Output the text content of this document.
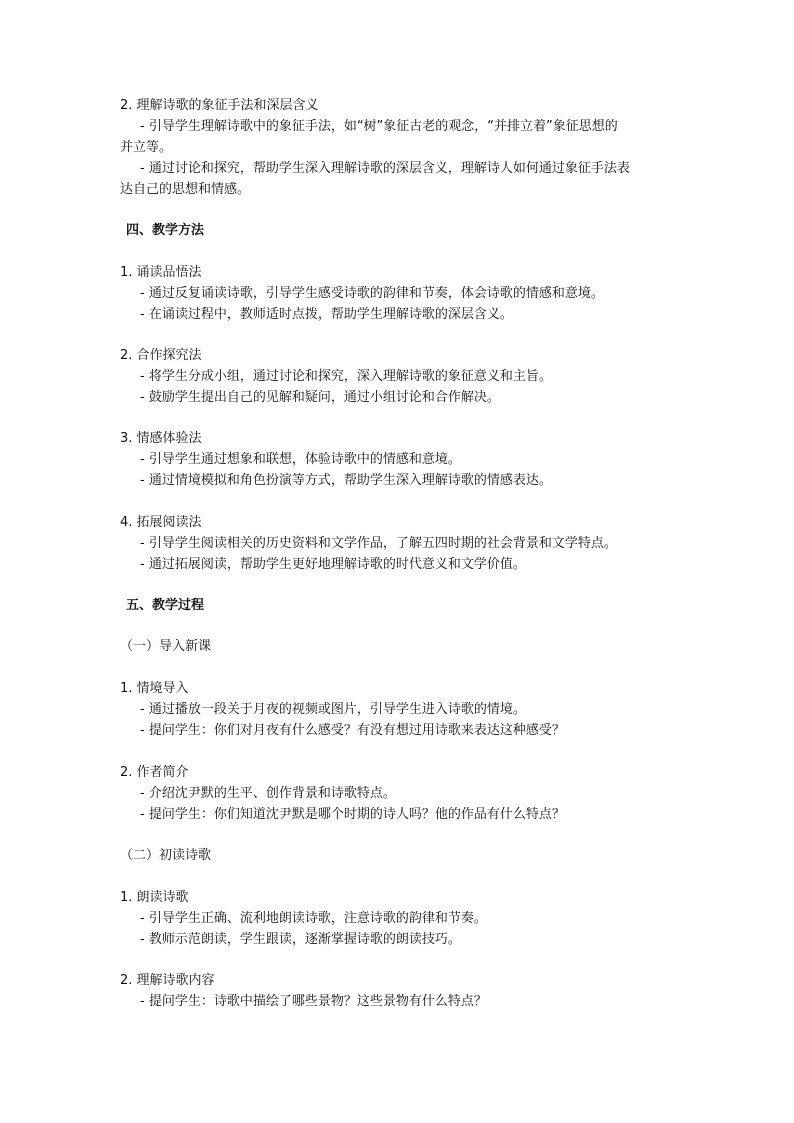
2. 理解诗歌的象征手法和深层含义
- 引导学生理解诗歌中的象征手法，如“树”象征古老的观念，“并排立着”象征思想的
并立等。
- 通过讨论和探究，帮助学生深入理解诗歌的深层含义，理解诗人如何通过象征手法表
达自己的思想和情感。
四、教学方法
1. 诵读品悟法
- 通过反复诵读诗歌，引导学生感受诗歌的韵律和节奏，体会诗歌的情感和意境。
- 在诵读过程中，教师适时点拨，帮助学生理解诗歌的深层含义。
2. 合作探究法
- 将学生分成小组，通过讨论和探究，深入理解诗歌的象征意义和主旨。
- 鼓励学生提出自己的见解和疑问，通过小组讨论和合作解决。
3. 情感体验法
- 引导学生通过想象和联想，体验诗歌中的情感和意境。
- 通过情境模拟和角色扮演等方式，帮助学生深入理解诗歌的情感表达。
4. 拓展阅读法
- 引导学生阅读相关的历史资料和文学作品，了解五四时期的社会背景和文学特点。
- 通过拓展阅读，帮助学生更好地理解诗歌的时代意义和文学价值。
五、教学过程
（一）导入新课
1. 情境导入
- 通过播放一段关于月夜的视频或图片，引导学生进入诗歌的情境。
- 提问学生：你们对月夜有什么感受？有没有想过用诗歌来表达这种感受？
2. 作者简介
- 介绍沈尹默的生平、创作背景和诗歌特点。
- 提问学生：你们知道沈尹默是哪个时期的诗人吗？他的作品有什么特点？
（二）初读诗歌
1. 朗读诗歌
- 引导学生正确、流利地朗读诗歌，注意诗歌的韵律和节奏。
- 教师示范朗读，学生跟读，逐渐掌握诗歌的朗读技巧。
2. 理解诗歌内容
- 提问学生：诗歌中描绘了哪些景物？这些景物有什么特点？
